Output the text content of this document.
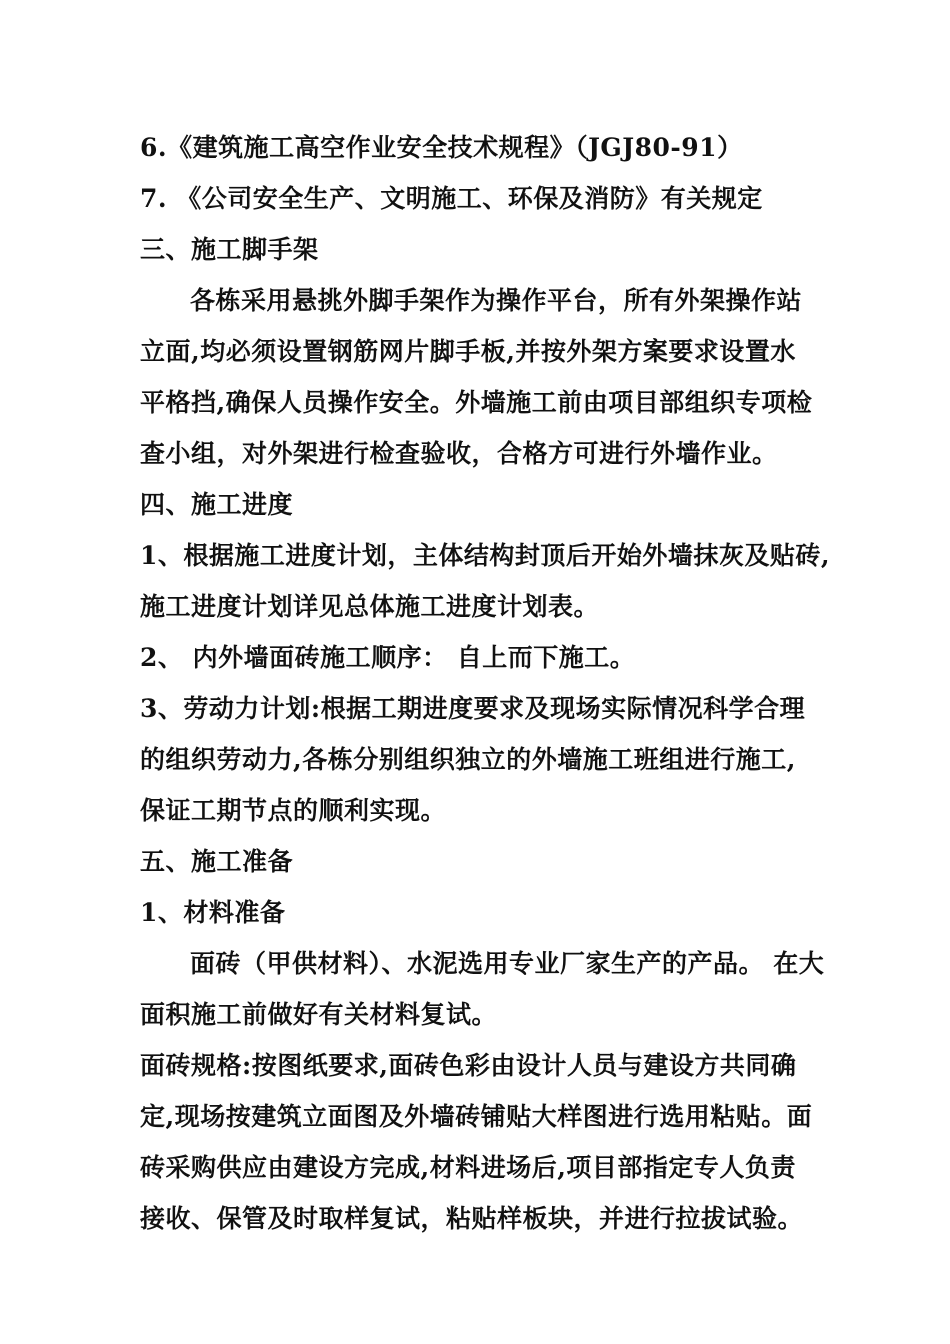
6.《建筑施工高空作业安全技术规程》（JGJ80-91）
7. 《公司安全生产、文明施工、环保及消防》有关规定
三、施工脚手架
各栋采用悬挑外脚手架作为操作平台，所有外架操作站
立面,均必须设置钢筋网片脚手板,并按外架方案要求设置水
平格挡,确保人员操作安全。外墙施工前由项目部组织专项检
查小组，对外架进行检查验收，合格方可进行外墙作业。
四、施工进度
1、根据施工进度计划，主体结构封顶后开始外墙抹灰及贴砖,
施工进度计划详见总体施工进度计划表。
2、 内外墙面砖施工顺序： 自上而下施工。
3、劳动力计划:根据工期进度要求及现场实际情况科学合理
的组织劳动力,各栋分别组织独立的外墙施工班组进行施工,
保证工期节点的顺利实现。
五、施工准备
1、材料准备
面砖（甲供材料）、水泥选用专业厂家生产的产品。 在大
面积施工前做好有关材料复试。
面砖规格:按图纸要求,面砖色彩由设计人员与建设方共同确
定,现场按建筑立面图及外墙砖铺贴大样图进行选用粘贴。面
砖采购供应由建设方完成,材料进场后,项目部指定专人负责
接收、保管及时取样复试，粘贴样板块，并进行拉拔试验。
